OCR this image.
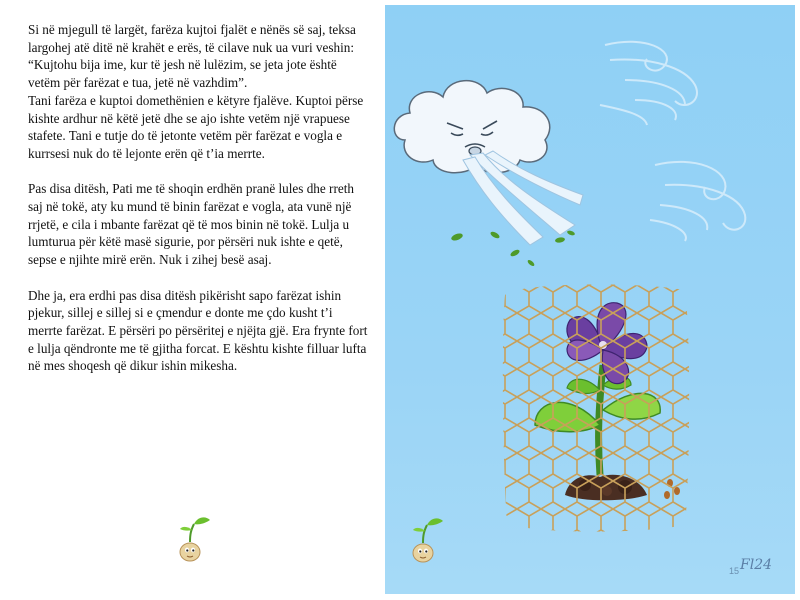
Si në mjegull të largët, farëza kujtoi fjalët e nënës së saj, teksa largohej atë ditë në krahët e erës, të cilave nuk ua vuri veshin: “Kujtohu bija ime, kur të jesh në lulëzim, se jeta jote është vetëm për farëzat e tua, jetë në vazhdim”.

Tani farëza e kuptoi domethënien e këtyre fjalëve. Kuptoi përse kishte ardhur në këtë jetë dhe se ajo ishte vetëm një vrapuese stafete. Tani e tutje do të jetonte vetëm për farëzat e vogla e kurrsesi nuk do të lejonte erën që t’ia merrte.

Pas disa ditësh, Pati me të shoqin erdhën pranë lules dhe rreth saj në tokë, aty ku mund të binin farëzat e vogla, ata vunë një rrjetë, e cila i mbante farëzat që të mos binin në tokë. Lulja u lumturua për këtë masë sigurie, por përsëri nuk ishte e qetë, sepse e njihte mirë erën. Nuk i zihej besë asaj.

Dhe ja, era erdhi pas disa ditësh pikërisht sapo farëzat ishin pjekur, sillej e sillej si e çmendur e donte me çdo kusht t’i merrte farëzat. E përsëri po përsëritej e njëjta gjë. Era frynte fort e lulja qëndronte me të gjitha forcat. E kështu kishte filluar lufta në mes shoqesh që dikur ishin mikesha.

15 Fl24
